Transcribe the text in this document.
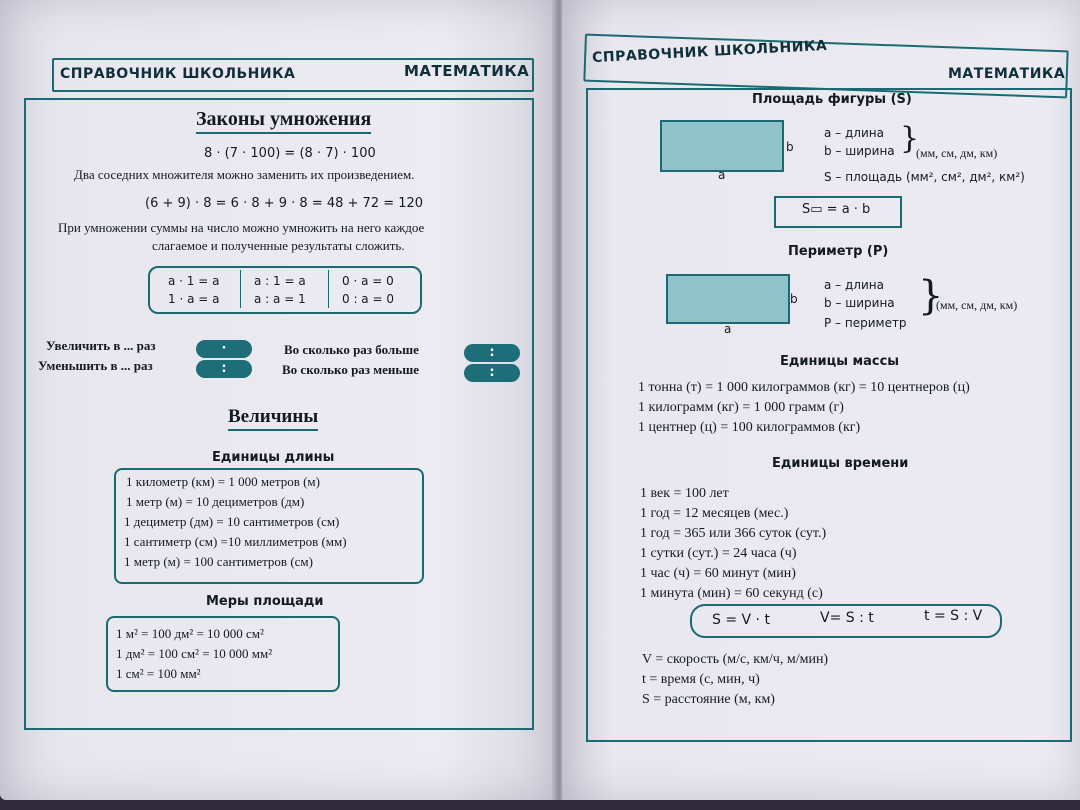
СПРАВОЧНИК ШКОЛЬНИКА	МАТЕМАТИКА
Законы умножения
8 · (7 · 100) = (8 · 7) · 100
Два соседних множителя можно заменить их произведением.
(6 + 9) · 8 = 6 · 8 + 9 · 8 = 48 + 72 = 120
При умножении суммы на число можно умножить на него каждое
слагаемое и полученные результаты сложить.
a · 1 = a	a : 1 = a	0 · a = 0
1 · a = a	a : a = 1	0 : a = 0
Увеличить в ... раз	·
Уменьшить в ... раз	:
Во сколько раз больше	:
Во сколько раз меньше	:
Величины
Единицы длины
1 километр (км) = 1 000 метров (м)
1 метр (м) = 10 дециметров (дм)
1 дециметр (дм) = 10 сантиметров (см)
1 сантиметр (см) =10 миллиметров (мм)
1 метр (м) = 100 сантиметров (см)
Меры площади
1 м² = 100 дм² = 10 000 см²
1 дм² = 100 см² = 10 000 мм²
1 см² = 100 мм²
СПРАВОЧНИК ШКОЛЬНИКА
МАТЕМАТИКА
Площадь фигуры (S)
b
a
a – длина
b – ширина }
(мм, см, дм, км)
S – площадь (мм², см², дм², км²)
S▭ = a · b
Периметр (P)
b
a
a – длина
b – ширина
P – периметр
}
(мм, см, дм, км)
Единицы массы
1 тонна (т) = 1 000 килограммов (кг) = 10 центнеров (ц)
1 килограмм (кг) = 1 000 грамм (г)
1 центнер (ц) = 100 килограммов (кг)
Единицы времени
1 век = 100 лет
1 год = 12 месяцев (мес.)
1 год = 365 или 366 суток (сут.)
1 сутки (сут.) = 24 часа (ч)
1 час (ч) = 60 минут (мин)
1 минута (мин) = 60 секунд (с)
S = V · t	V= S : t	t = S : V
V = скорость (м/с, км/ч, м/мин)
t = время (с, мин, ч)
S = расстояние (м, км)
